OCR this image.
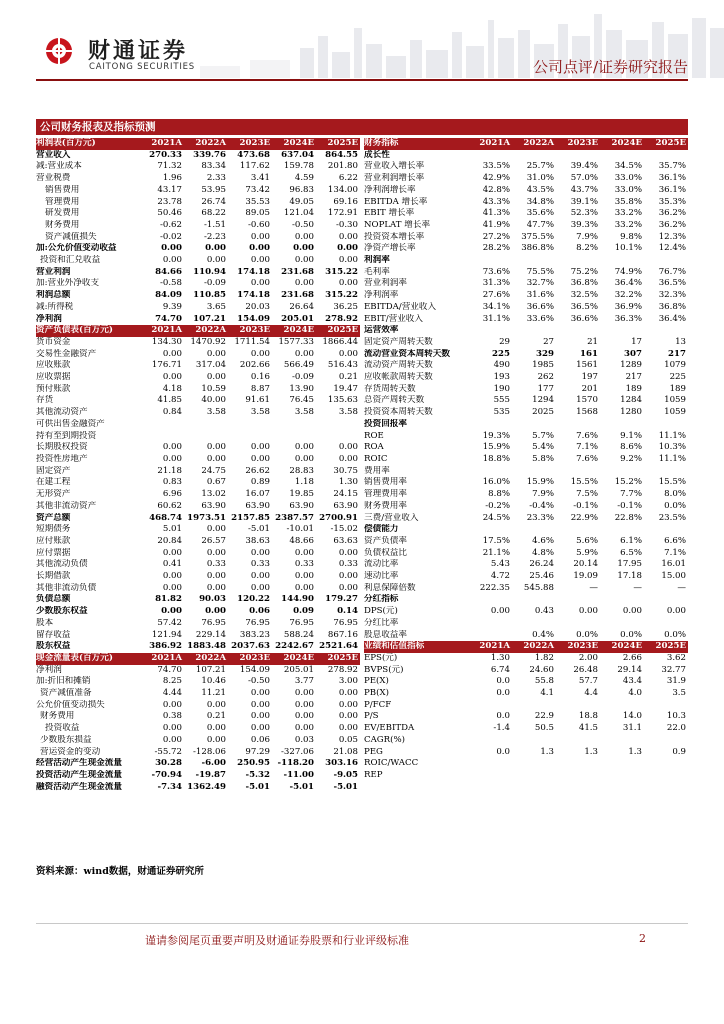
财通证券
CAITONG SECURITIES	公司点评/证券研究报告
公司财务报表及指标预测
利润表(百万元)	2021A	2022A	2023E	2024E	2025E
营业收入	270.33	339.76	473.68	637.04	864.55
减:营业成本	71.32	83.34	117.62	159.78	201.80
营业税费	1.96	2.33	3.41	4.59	6.22
销售费用	43.17	53.95	73.42	96.83	134.00
管理费用	23.78	26.74	35.53	49.05	69.16
研发费用	50.46	68.22	89.05	121.04	172.91
财务费用	-0.62	-1.51	-0.60	-0.50	-0.30
资产减值损失	-0.02	-2.23	0.00	0.00	0.00
加:公允价值变动收益	0.00	0.00	0.00	0.00	0.00
投资和汇兑收益	0.00	0.00	0.00	0.00	0.00
营业利润	84.66	110.94	174.18	231.68	315.22
加:营业外净收支	-0.58	-0.09	0.00	0.00	0.00
利润总额	84.09	110.85	174.18	231.68	315.22
减:所得税	9.39	3.65	20.03	26.64	36.25
净利润	74.70	107.21	154.09	205.01	278.92
资产负债表(百万元)	2021A	2022A	2023E	2024E	2025E
货币资金	134.30	1470.92	1711.54	1577.33	1866.44
交易性金融资产	0.00	0.00	0.00	0.00	0.00
应收账款	176.71	317.04	202.66	566.49	516.43
应收票据	0.00	0.00	0.16	-0.09	0.21
预付账款	4.18	10.59	8.87	13.90	19.47
存货	41.85	40.00	91.61	76.45	135.63
其他流动资产	0.84	3.58	3.58	3.58	3.58
可供出售金融资产					
持有至到期投资					
长期股权投资	0.00	0.00	0.00	0.00	0.00
投资性房地产	0.00	0.00	0.00	0.00	0.00
固定资产	21.18	24.75	26.62	28.83	30.75
在建工程	0.83	0.67	0.89	1.18	1.30
无形资产	6.96	13.02	16.07	19.85	24.15
其他非流动资产	60.62	63.90	63.90	63.90	63.90
资产总额	468.74	1973.51	2157.85	2387.57	2700.91
短期债务	5.01	0.00	-5.01	-10.01	-15.02
应付账款	20.84	26.57	38.63	48.66	63.63
应付票据	0.00	0.00	0.00	0.00	0.00
其他流动负债	0.41	0.33	0.33	0.33	0.33
长期借款	0.00	0.00	0.00	0.00	0.00
其他非流动负债	0.00	0.00	0.00	0.00	0.00
负债总额	81.82	90.03	120.22	144.90	179.27
少数股东权益	0.00	0.00	0.06	0.09	0.14
股本	57.42	76.95	76.95	76.95	76.95
留存收益	121.94	229.14	383.23	588.24	867.16
股东权益	386.92	1883.48	2037.63	2242.67	2521.64
现金流量表(百万元)	2021A	2022A	2023E	2024E	2025E
净利润	74.70	107.21	154.09	205.01	278.92
加:折旧和摊销	8.25	10.46	-0.50	3.77	3.00
资产减值准备	4.44	11.21	0.00	0.00	0.00
公允价值变动损失	0.00	0.00	0.00	0.00	0.00
财务费用	0.38	0.21	0.00	0.00	0.00
投资收益	0.00	0.00	0.00	0.00	0.00
少数股东损益	0.00	0.00	0.06	0.03	0.05
营运资金的变动	-55.72	-128.06	97.29	-327.06	21.08
经营活动产生现金流量	30.28	-6.00	250.95	-118.20	303.16
投资活动产生现金流量	-70.94	-19.87	-5.32	-11.00	-9.05
融资活动产生现金流量	-7.34	1362.49	-5.01	-5.01	-5.01
财务指标	2021A	2022A	2023E	2024E	2025E
成长性					
营业收入增长率	33.5%	25.7%	39.4%	34.5%	35.7%
营业利润增长率	42.9%	31.0%	57.0%	33.0%	36.1%
净利润增长率	42.8%	43.5%	43.7%	33.0%	36.1%
EBITDA 增长率	43.3%	34.8%	39.1%	35.8%	35.3%
EBIT 增长率	41.3%	35.6%	52.3%	33.2%	36.2%
NOPLAT 增长率	41.9%	47.7%	39.3%	33.2%	36.2%
投资资本增长率	27.2%	375.5%	7.9%	9.8%	12.3%
净资产增长率	28.2%	386.8%	8.2%	10.1%	12.4%
利润率					
毛利率	73.6%	75.5%	75.2%	74.9%	76.7%
营业利润率	31.3%	32.7%	36.8%	36.4%	36.5%
净利润率	27.6%	31.6%	32.5%	32.2%	32.3%
EBITDA/营业收入	34.1%	36.6%	36.5%	36.9%	36.8%
EBIT/营业收入	31.1%	33.6%	36.6%	36.3%	36.4%
运营效率					
固定资产周转天数	29	27	21	17	13
流动营业资本周转天数	225	329	161	307	217
流动资产周转天数	490	1985	1561	1289	1079
应收帐款周转天数	193	262	197	217	225
存货周转天数	190	177	201	189	189
总资产周转天数	555	1294	1570	1284	1059
投资资本周转天数	535	2025	1568	1280	1059
投资回报率					
ROE	19.3%	5.7%	7.6%	9.1%	11.1%
ROA	15.9%	5.4%	7.1%	8.6%	10.3%
ROIC	18.8%	5.8%	7.6%	9.2%	11.1%
费用率					
销售费用率	16.0%	15.9%	15.5%	15.2%	15.5%
管理费用率	8.8%	7.9%	7.5%	7.7%	8.0%
财务费用率	-0.2%	-0.4%	-0.1%	-0.1%	0.0%
三费/营业收入	24.5%	23.3%	22.9%	22.8%	23.5%
偿债能力					
资产负债率	17.5%	4.6%	5.6%	6.1%	6.6%
负债权益比	21.1%	4.8%	5.9%	6.5%	7.1%
流动比率	5.43	26.24	20.14	17.95	16.01
速动比率	4.72	25.46	19.09	17.18	15.00
利息保障倍数	222.35	545.88	—	—	—
分红指标					
DPS(元)	0.00	0.43	0.00	0.00	0.00
分红比率					
股息收益率		0.4%	0.0%	0.0%	0.0%
业绩和估值指标	2021A	2022A	2023E	2024E	2025E
EPS(元)	1.30	1.82	2.00	2.66	3.62
BVPS(元)	6.74	24.60	26.48	29.14	32.77
PE(X)	0.0	55.8	57.7	43.4	31.9
PB(X)	0.0	4.1	4.4	4.0	3.5
P/FCF					
P/S	0.0	22.9	18.8	14.0	10.3
EV/EBITDA	-1.4	50.5	41.5	31.1	22.0
CAGR(%)					
PEG	0.0	1.3	1.3	1.3	0.9
ROIC/WACC					
REP					
资料来源：wind数据，财通证券研究所
谨请参阅尾页重要声明及财通证券股票和行业评级标准	2
